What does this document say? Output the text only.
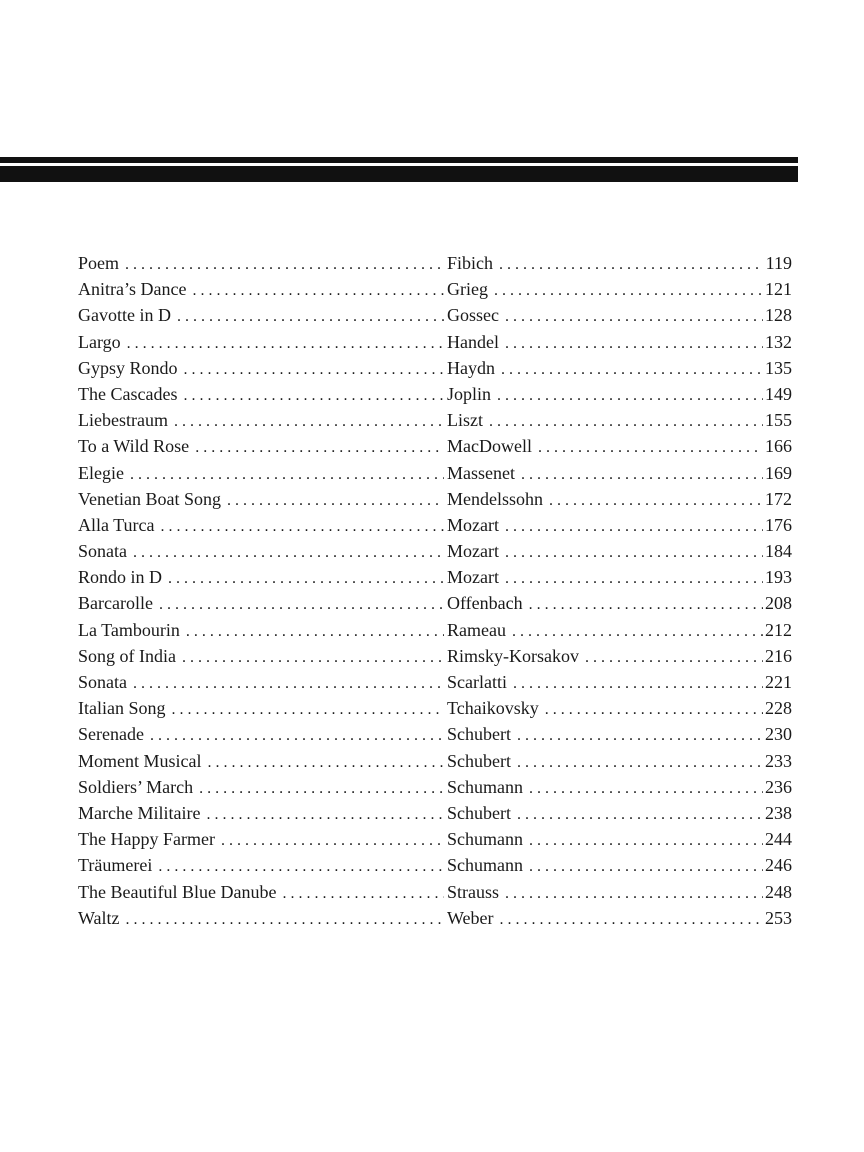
Poem . . .	Fibich . . .	119
Anitra’s Dance . . .	Grieg . . .	121
Gavotte in D . . .	Gossec . . .	128
Largo . . .	Handel . . .	132
Gypsy Rondo . . .	Haydn . . .	135
The Cascades . . .	Joplin . . .	149
Liebestraum . . .	Liszt . . .	155
To a Wild Rose . . .	MacDowell . . .	166
Elegie . . .	Massenet . . .	169
Venetian Boat Song . . .	Mendelssohn . . .	172
Alla Turca . . .	Mozart . . .	176
Sonata . . .	Mozart . . .	184
Rondo in D . . .	Mozart . . .	193
Barcarolle . . .	Offenbach . . .	208
La Tambourin . . .	Rameau . . .	212
Song of India . . .	Rimsky-Korsakov . . .	216
Sonata . . .	Scarlatti . . .	221
Italian Song . . .	Tchaikovsky . . .	228
Serenade . . .	Schubert . . .	230
Moment Musical . . .	Schubert . . .	233
Soldiers’ March . . .	Schumann . . .	236
Marche Militaire . . .	Schubert . . .	238
The Happy Farmer . . .	Schumann . . .	244
Träumerei . . .	Schumann . . .	246
The Beautiful Blue Danube . . .	Strauss . . .	248
Waltz . . .	Weber . . .	253
